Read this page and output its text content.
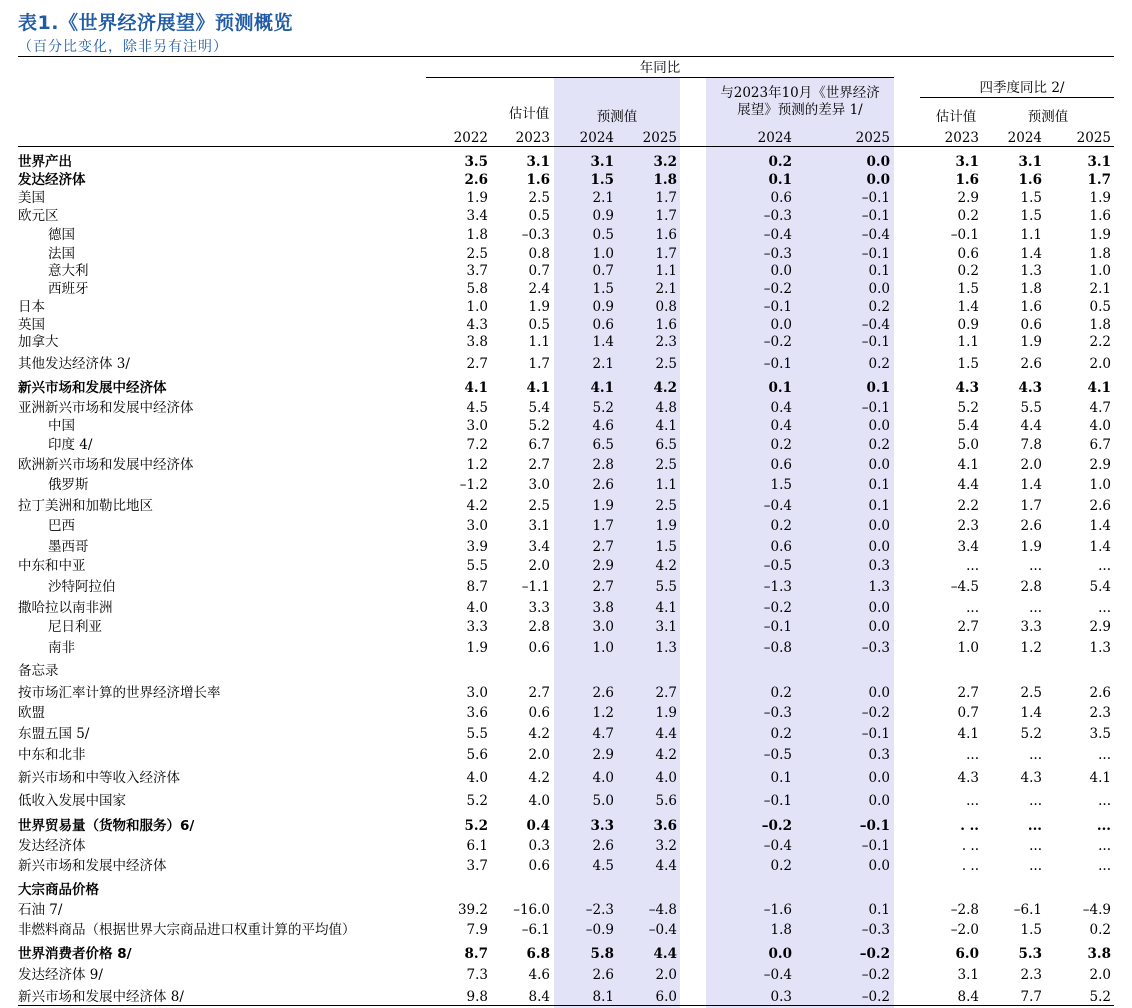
表1.《世界经济展望》预测概览
（百分比变化，除非另有注明）
年同比
估计值	预测值
与2023年10月《世界经济
展望》预测的差异 1/
四季度同比 2/
估计值	预测值
2022 2023 2024 2025	2024	2025	2023 2024	2025
世界产出	3.5	3.1	3.1	3.2	0.2	0.0	3.1	3.1	3.1
发达经济体	2.6	1.6	1.5	1.8	0.1	0.0	1.6	1.6	1.7
美国	1.9	2.5	2.1	1.7	0.6	–0.1	2.9	1.5	1.9
欧元区	3.4	0.5	0.9	1.7	–0.3	–0.1	0.2	1.5	1.6
德国	1.8	–0.3	0.5	1.6	–0.4	–0.4	–0.1	1.1	1.9
法国	2.5	0.8	1.0	1.7	–0.3	–0.1	0.6	1.4	1.8
意大利	3.7	0.7	0.7	1.1	0.0	0.1	0.2	1.3	1.0
西班牙	5.8	2.4	1.5	2.1	–0.2	0.0	1.5	1.8	2.1
日本	1.0	1.9	0.9	0.8	–0.1	0.2	1.4	1.6	0.5
英国	4.3	0.5	0.6	1.6	0.0	–0.4	0.9	0.6	1.8
加拿大	3.8	1.1	1.4	2.3	–0.2	–0.1	1.1	1.9	2.2
其他发达经济体 3/	2.7	1.7	2.1	2.5	–0.1	0.2	1.5	2.6	2.0
新兴市场和发展中经济体	4.1	4.1	4.1	4.2	0.1	0.1	4.3	4.3	4.1
亚洲新兴市场和发展中经济体	4.5	5.4	5.2	4.8	0.4	–0.1	5.2	5.5	4.7
中国	3.0	5.2	4.6	4.1	0.4	0.0	5.4	4.4	4.0
印度 4/	7.2	6.7	6.5	6.5	0.2	0.2	5.0	7.8	6.7
欧洲新兴市场和发展中经济体	1.2	2.7	2.8	2.5	0.6	0.0	4.1	2.0	2.9
俄罗斯	–1.2	3.0	2.6	1.1	1.5	0.1	4.4	1.4	1.0
拉丁美洲和加勒比地区	4.2	2.5	1.9	2.5	–0.4	0.1	2.2	1.7	2.6
巴西	3.0	3.1	1.7	1.9	0.2	0.0	2.3	2.6	1.4
墨西哥	3.9	3.4	2.7	1.5	0.6	0.0	3.4	1.9	1.4
中东和中亚	5.5	2.0	2.9	4.2	–0.5	0.3	...	...	...
沙特阿拉伯	8.7	–1.1	2.7	5.5	–1.3	1.3	–4.5	2.8	5.4
撒哈拉以南非洲	4.0	3.3	3.8	4.1	–0.2	0.0	...	...	...
尼日利亚	3.3	2.8	3.0	3.1	–0.1	0.0	2.7	3.3	2.9
南非	1.9	0.6	1.0	1.3	–0.8	–0.3	1.0	1.2	1.3
备忘录
按市场汇率计算的世界经济增长率	3.0	2.7	2.6	2.7	0.2	0.0	2.7	2.5	2.6
欧盟	3.6	0.6	1.2	1.9	–0.3	–0.2	0.7	1.4	2.3
东盟五国 5/	5.5	4.2	4.7	4.4	0.2	–0.1	4.1	5.2	3.5
中东和北非	5.6	2.0	2.9	4.2	–0.5	0.3	...	...	...
新兴市场和中等收入经济体	4.0	4.2	4.0	4.0	0.1	0.0	4.3	4.3	4.1
低收入发展中国家	5.2	4.0	5.0	5.6	–0.1	0.0	...	...	...
世界贸易量（货物和服务）6/	5.2	0.4	3.3	3.6	–0.2	–0.1	. ..	...	...
发达经济体	6.1	0.3	2.6	3.2	–0.4	–0.1	. ..	...	...
新兴市场和发展中经济体	3.7	0.6	4.5	4.4	0.2	0.0	. ..	...	...
大宗商品价格
石油 7/	39.2 –16.0	–2.3	–4.8	–1.6	0.1	–2.8	–6.1	–4.9
非燃料商品（根据世界大宗商品进口权重计算的平均值）	7.9	–6.1	–0.9	–0.4	1.8	–0.3	–2.0	1.5	0.2
世界消费者价格 8/	8.7	6.8	5.8	4.4	0.0	–0.2	6.0	5.3	3.8
发达经济体 9/	7.3	4.6	2.6	2.0	–0.4	–0.2	3.1	2.3	2.0
新兴市场和发展中经济体 8/	9.8	8.4	8.1	6.0	0.3	–0.2	8.4	7.7	5.2
